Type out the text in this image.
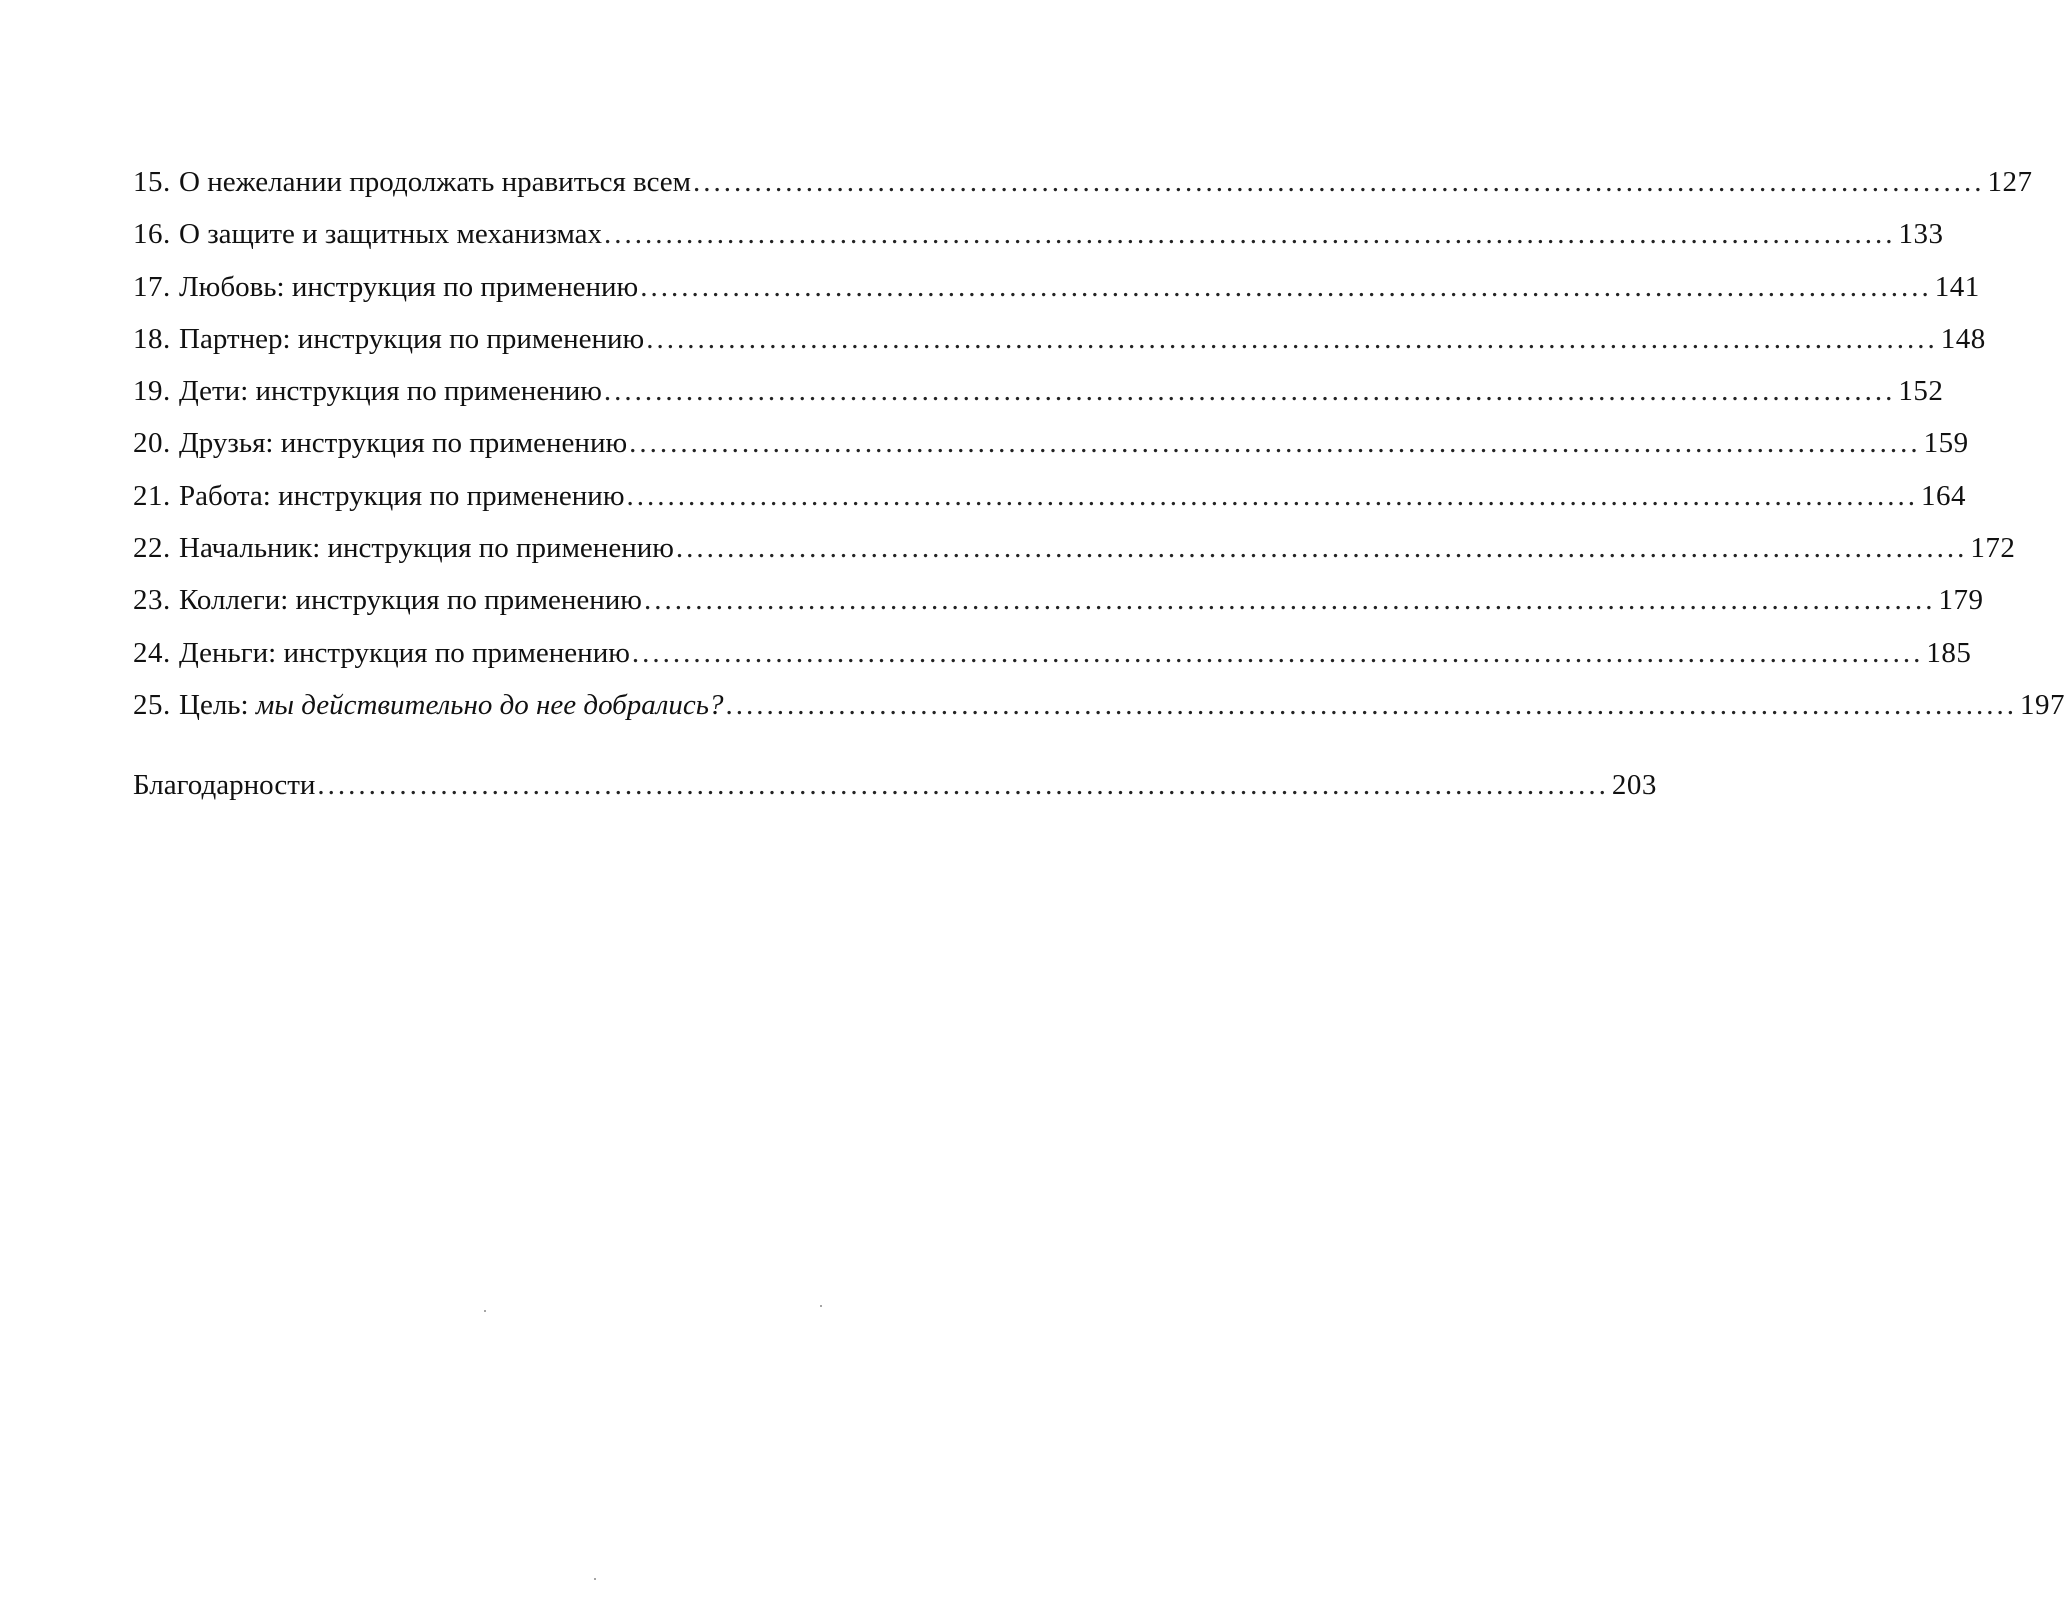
15. О нежелании продолжать нравиться всем .....	127
16. О защите и защитных механизмах .....	133
17. Любовь: инструкция по применению .....	141
18. Партнер: инструкция по применению .....	148
19. Дети: инструкция по применению .....	152
20. Друзья: инструкция по применению .....	159
21. Работа: инструкция по применению .....	164
22. Начальник: инструкция по применению .....	172
23. Коллеги: инструкция по применению .....	179
24. Деньги: инструкция по применению .....	185
25. Цель: мы действительно до нее добрались? .....	197
Благодарности .....	203
